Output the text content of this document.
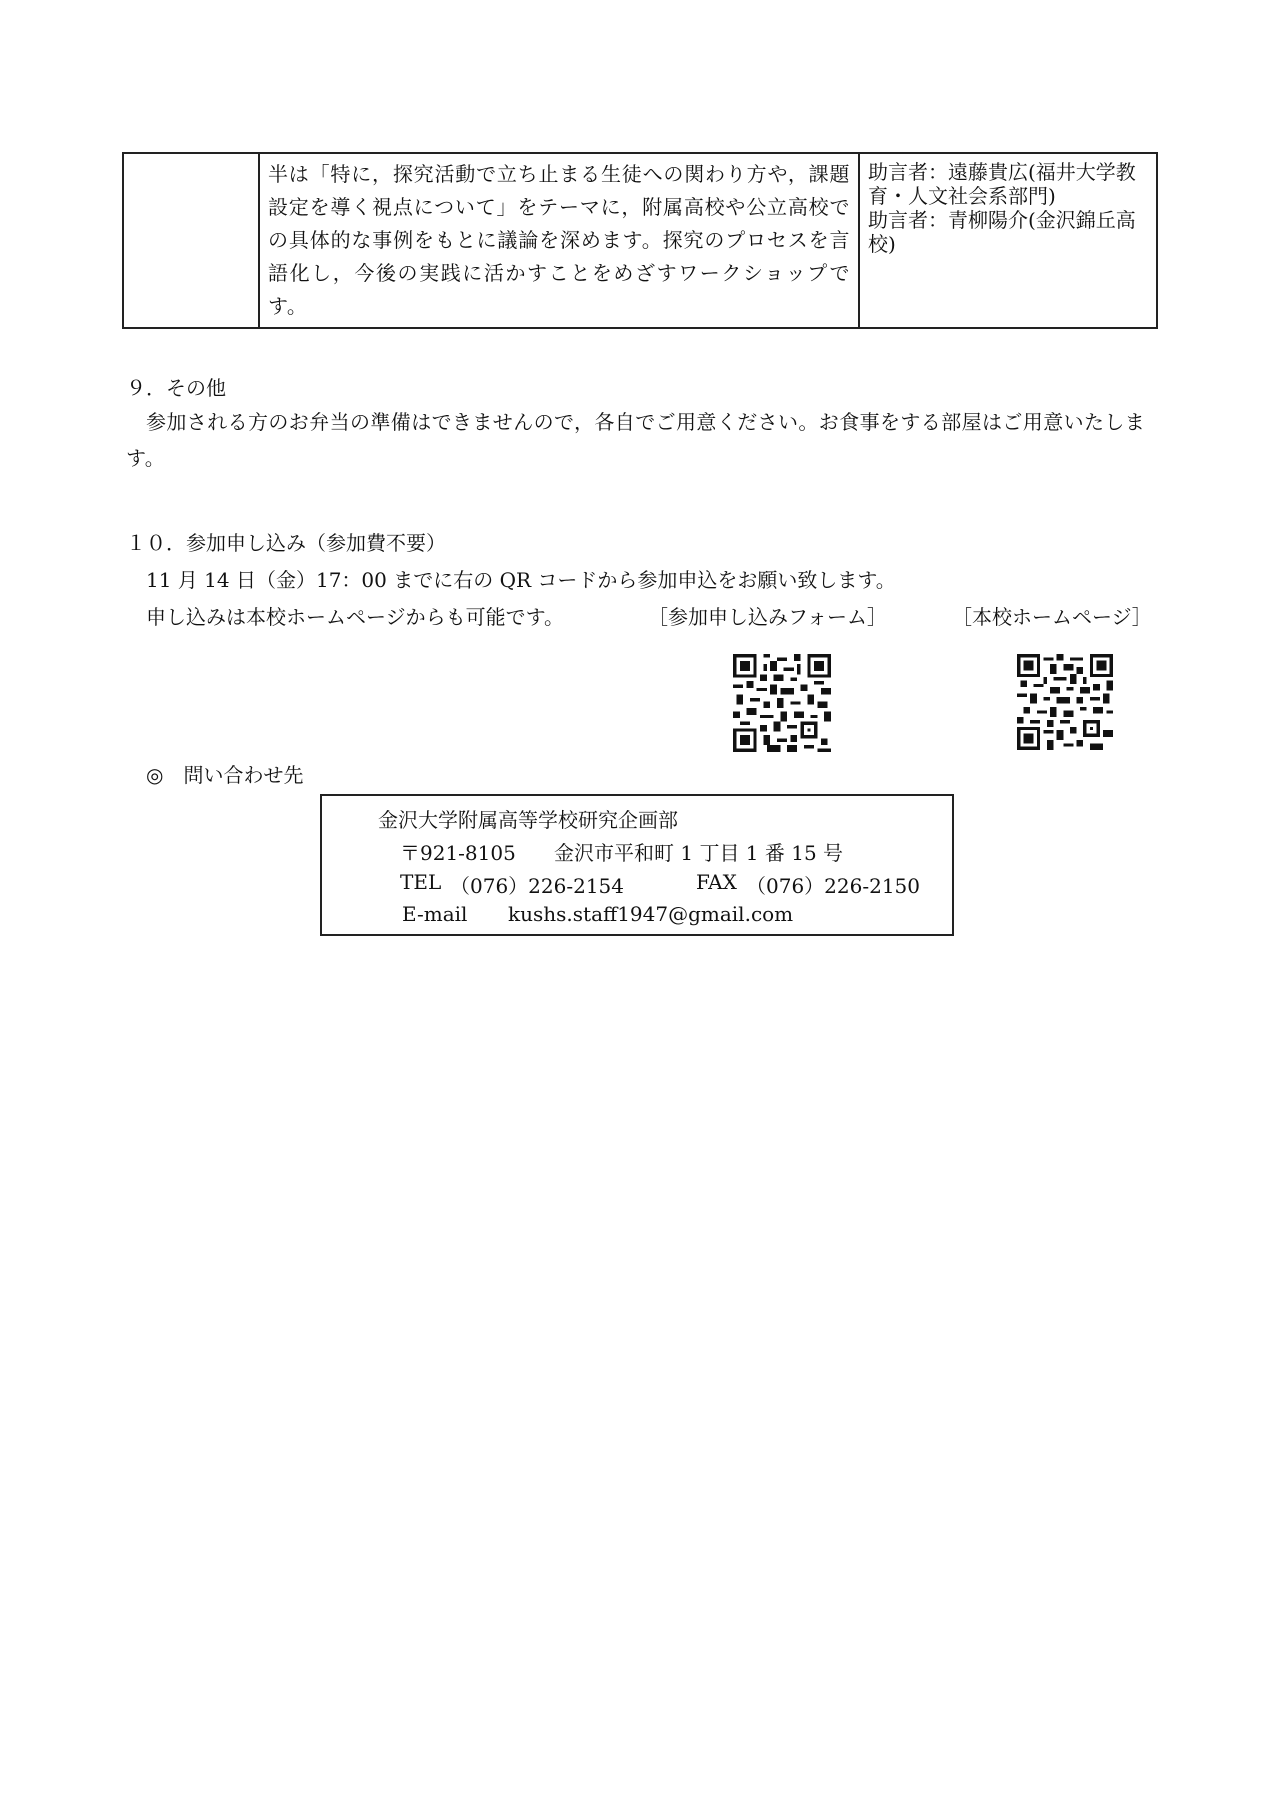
	半は「特に，探究活動で立ち止まる生徒への関わり方や，課題設定を導く視点について」をテーマに，附属高校や公立高校での具体的な事例をもとに議論を深めます。探究のプロセスを言語化し，今後の実践に活かすことをめざすワークショップです。	
助言者：遠藤貴広(福井大学教育・人文社会系部門)
助言者：青柳陽介(金沢錦丘高校)
９．その他
参加される方のお弁当の準備はできませんので，各自でご用意ください。お食事をする部屋はご用意いたします。
１０．参加申し込み（参加費不要）
11 月 14 日（金）17：00 までに右の QR コードから参加申込をお願い致します。
申し込みは本校ホームページからも可能です。	［参加申し込みフォーム］	［本校ホームページ］
◎　問い合わせ先
金沢大学附属高等学校研究企画部
〒921-8105 金沢市平和町 1 丁目 1 番 15 号
TEL （076）226-2154	FAX （076）226-2150
E-mail kushs.staff1947@gmail.com
